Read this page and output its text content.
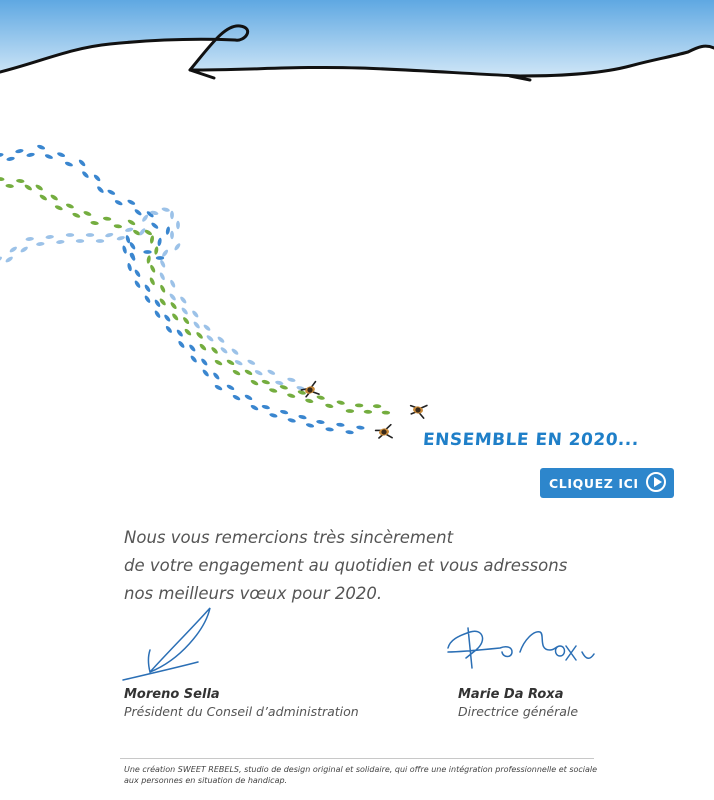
ENSEMBLE EN 2020...
CLIQUEZ ICI
Nous vous remercions très sincèrement
de votre engagement au quotidien et vous adressons
nos meilleurs vœux pour 2020.
Moreno Sella
Président du Conseil d’administration
Marie Da Roxa
Directrice générale
Une création SWEET REBELS, studio de design original et solidaire, qui offre une intégration professionnelle et sociale
aux personnes en situation de handicap.
